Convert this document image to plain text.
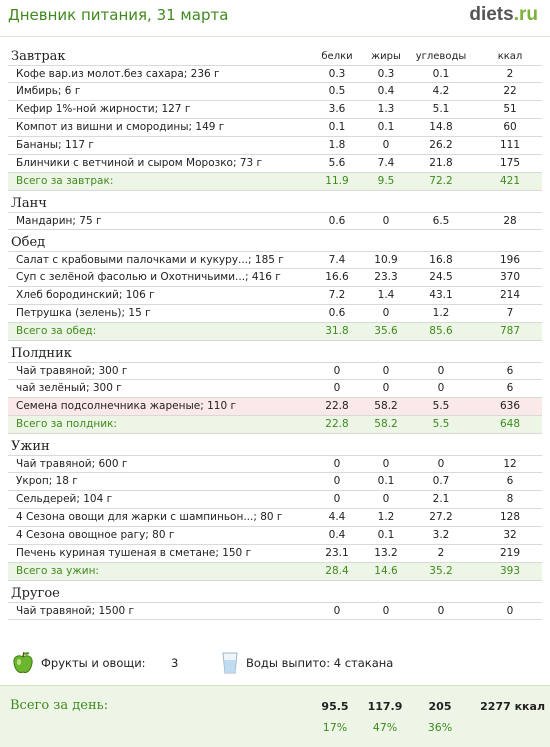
Дневник питания, 31 марта	diets.ru
Завтрак	белки	жиры	углеводы	ккал
Кофе вар.из молот.без сахара; 236 г	0.3	0.3	0.1	2
Имбирь; 6 г	0.5	0.4	4.2	22
Кефир 1%-ной жирности; 127 г	3.6	1.3	5.1	51
Компот из вишни и смородины; 149 г	0.1	0.1	14.8	60
Бананы; 117 г	1.8	0	26.2	111
Блинчики с ветчиной и сыром Морозко; 73 г	5.6	7.4	21.8	175
Всего за завтрак:	11.9	9.5	72.2	421
Ланч
Мандарин; 75 г	0.6	0	6.5	28
Обед
Салат с крабовыми палочками и кукуру...; 185 г	7.4	10.9	16.8	196
Суп с зелёной фасолью и Охотничьими...; 416 г	16.6	23.3	24.5	370
Хлеб бородинский; 106 г	7.2	1.4	43.1	214
Петрушка (зелень); 15 г	0.6	0	1.2	7
Всего за обед:	31.8	35.6	85.6	787
Полдник
Чай травяной; 300 г	0	0	0	6
чай зелёный; 300 г	0	0	0	6
Семена подсолнечника жареные; 110 г	22.8	58.2	5.5	636
Всего за полдник:	22.8	58.2	5.5	648
Ужин
Чай травяной; 600 г	0	0	0	12
Укроп; 18 г	0	0.1	0.7	6
Сельдерей; 104 г	0	0	2.1	8
4 Сезона овощи для жарки с шампиньон...; 80 г	4.4	1.2	27.2	128
4 Сезона овощное рагу; 80 г	0.4	0.1	3.2	32
Печень куриная тушеная в сметане; 150 г	23.1	13.2	2	219
Всего за ужин:	28.4	14.6	35.2	393
Другое
Чай травяной; 1500 г	0	0	0	0
Фрукты и овощи: 3	Воды выпито: 4 стакана
Всего за день:	95.5	117.9	205	2277 ккал
17%	47%	36%
